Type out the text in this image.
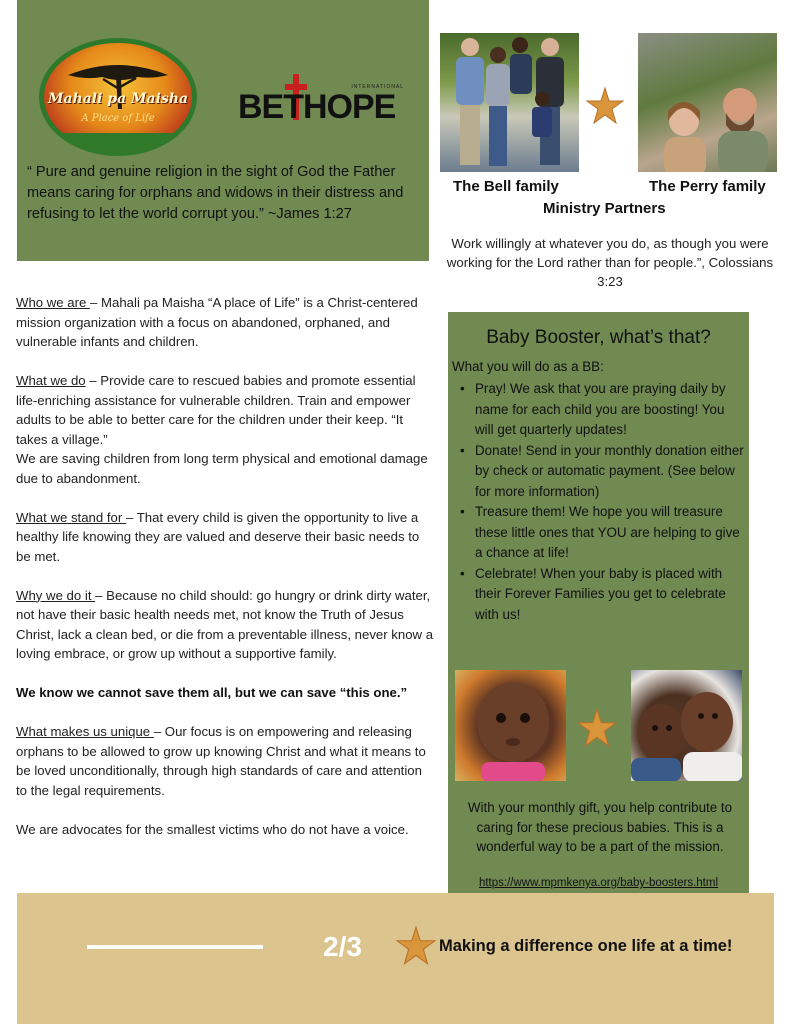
Mahali pa Maisha
A Place of Life
INTERNATIONAL
BETHOPE
“ Pure and genuine religion in the sight of God the Father means caring for orphans and widows in their distress and refusing to let the world corrupt you.” ~James 1:27
The Bell family	The Perry family
Ministry Partners
Work willingly at whatever you do, as though you were working for the Lord rather than for people.”, Colossians 3:23

Who we are – Mahali pa Maisha “A place of Life” is a Christ-centered mission organization with a focus on abandoned, orphaned, and vulnerable infants and children.

What we do – Provide care to rescued babies and promote essential life-enriching assistance for vulnerable children. Train and empower adults to be able to better care for the children under their keep. “It takes a village.”

We are saving children from long term physical and emotional damage due to abandonment.

What we stand for – That every child is given the opportunity to live a healthy life knowing they are valued and deserve their basic needs to be met.

Why we do it – Because no child should: go hungry or drink dirty water, not have their basic health needs met, not know the Truth of Jesus Christ, lack a clean bed, or die from a preventable illness, never know a loving embrace, or grow up without a supportive family.

We know we cannot save them all, but we can save “this one.”

What makes us unique – Our focus is on empowering and releasing orphans to be allowed to grow up knowing Christ and what it means to be loved unconditionally, through high standards of care and attention to the legal requirements.

We are advocates for the smallest victims who do not have a voice.

Baby Booster, what’s that?
What you will do as a BB:
• Pray! We ask that you are praying daily by name for each child you are boosting! You will get quarterly updates!
• Donate! Send in your monthly donation either by check or automatic payment. (See below for more information)
• Treasure them! We hope you will treasure these little ones that YOU are helping to give a chance at life!
• Celebrate! When your baby is placed with their Forever Families you get to celebrate with us!
With your monthly gift, you help contribute to caring for these precious babies. This is a wonderful way to be a part of the mission.
https://www.mpmkenya.org/baby-boosters.html
2/3	Making a difference one life at a time!
